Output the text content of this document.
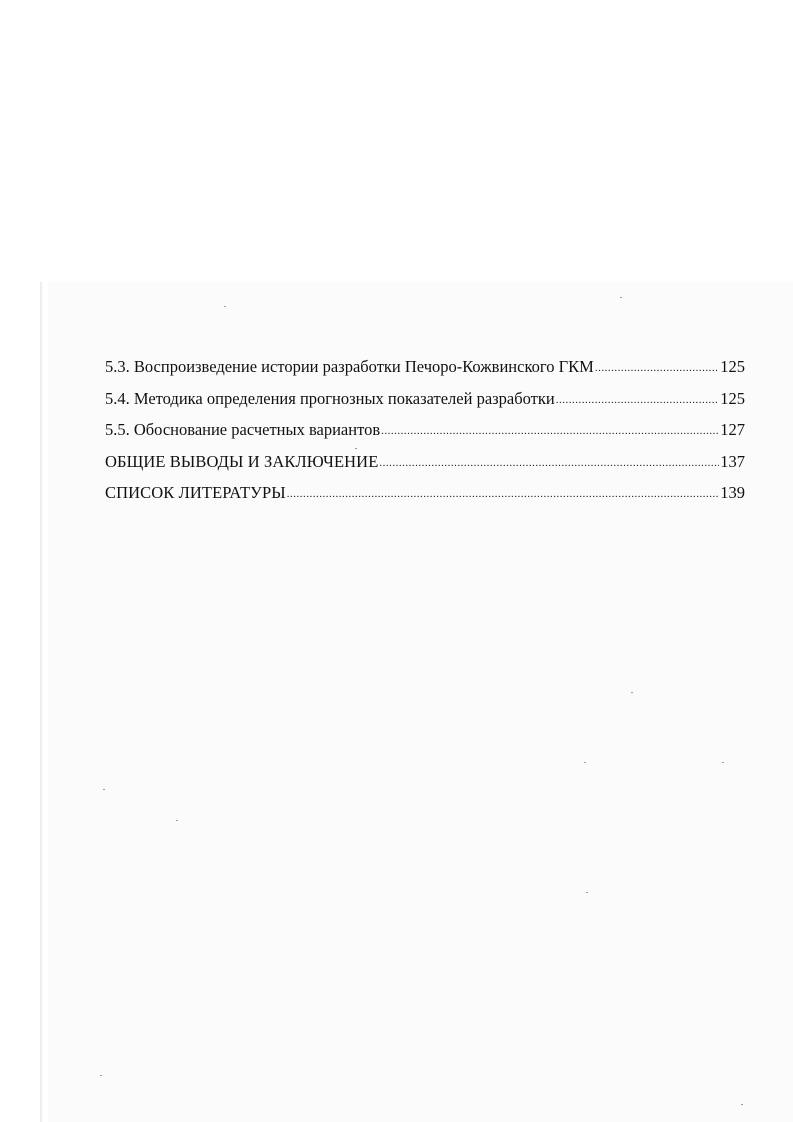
5.3. Воспроизведение истории разработки Печоро-Кожвинского ГКМ .....	125
5.4. Методика определения прогнозных показателей разработки .....	125
5.5. Обоснование расчетных вариантов .....	127
ОБЩИЕ ВЫВОДЫ И ЗАКЛЮЧЕНИЕ .....	137
СПИСОК ЛИТЕРАТУРЫ .....	139
